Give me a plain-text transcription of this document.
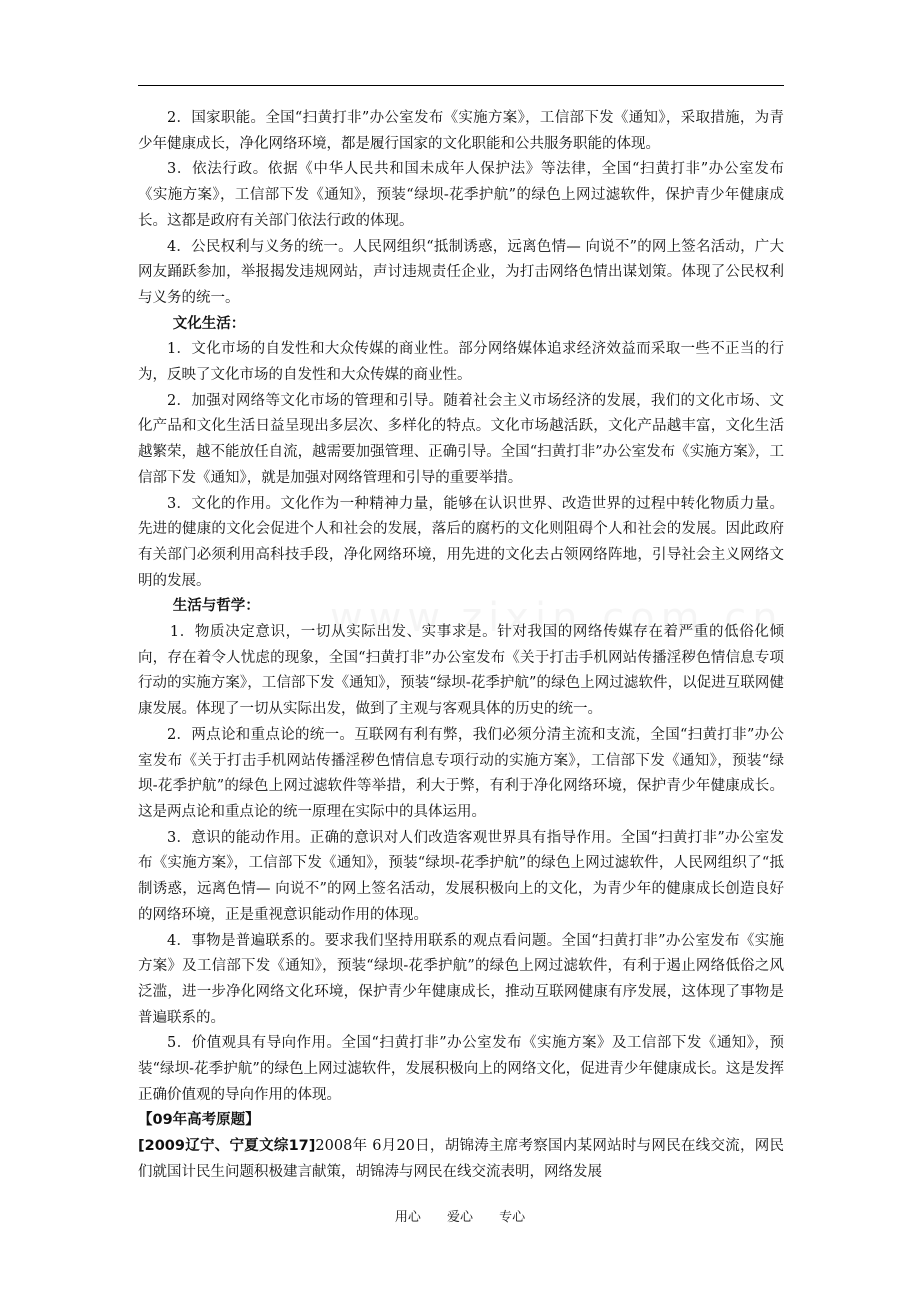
2．国家职能。全国“扫黄打非”办公室发布《实施方案》，工信部下发《通知》，采取措施，为青少年健康成长，净化网络环境，都是履行国家的文化职能和公共服务职能的体现。

3．依法行政。依据《中华人民共和国未成年人保护法》等法律，全国“扫黄打非”办公室发布《实施方案》，工信部下发《通知》，预装“绿坝-花季护航”的绿色上网过滤软件，保护青少年健康成长。这都是政府有关部门依法行政的体现。

4．公民权利与义务的统一。人民网组织“抵制诱惑，远离色情— 向说不”的网上签名活动，广大网友踊跃参加，举报揭发违规网站，声讨违规责任企业，为打击网络色情出谋划策。体现了公民权利与义务的统一。

文化生活：

1．文化市场的自发性和大众传媒的商业性。部分网络媒体追求经济效益而采取一些不正当的行为，反映了文化市场的自发性和大众传媒的商业性。

2．加强对网络等文化市场的管理和引导。随着社会主义市场经济的发展，我们的文化市场、文化产品和文化生活日益呈现出多层次、多样化的特点。文化市场越活跃，文化产品越丰富，文化生活越繁荣，越不能放任自流，越需要加强管理、正确引导。全国“扫黄打非”办公室发布《实施方案》，工信部下发《通知》，就是加强对网络管理和引导的重要举措。

3．文化的作用。文化作为一种精神力量，能够在认识世界、改造世界的过程中转化物质力量。先进的健康的文化会促进个人和社会的发展，落后的腐朽的文化则阻碍个人和社会的发展。因此政府有关部门必须利用高科技手段，净化网络环境，用先进的文化去占领网络阵地，引导社会主义网络文明的发展。

生活与哲学：

1．物质决定意识，一切从实际出发、实事求是。针对我国的网络传媒存在着严重的低俗化倾向，存在着令人忧虑的现象，全国“扫黄打非”办公室发布《关于打击手机网站传播淫秽色情信息专项行动的实施方案》，工信部下发《通知》，预装“绿坝-花季护航”的绿色上网过滤软件，以促进互联网健康发展。体现了一切从实际出发，做到了主观与客观具体的历史的统一。

2．两点论和重点论的统一。互联网有利有弊，我们必须分清主流和支流，全国“扫黄打非”办公室发布《关于打击手机网站传播淫秽色情信息专项行动的实施方案》，工信部下发《通知》，预装“绿坝-花季护航”的绿色上网过滤软件等举措，利大于弊，有利于净化网络环境，保护青少年健康成长。这是两点论和重点论的统一原理在实际中的具体运用。

3．意识的能动作用。正确的意识对人们改造客观世界具有指导作用。全国“扫黄打非”办公室发布《实施方案》，工信部下发《通知》，预装“绿坝-花季护航”的绿色上网过滤软件，人民网组织了“抵制诱惑，远离色情— 向说不”的网上签名活动，发展积极向上的文化，为青少年的健康成长创造良好的网络环境，正是重视意识能动作用的体现。

4．事物是普遍联系的。要求我们坚持用联系的观点看问题。全国“扫黄打非”办公室发布《实施方案》及工信部下发《通知》，预装“绿坝-花季护航”的绿色上网过滤软件，有利于遏止网络低俗之风泛滥，进一步净化网络文化环境，保护青少年健康成长，推动互联网健康有序发展，这体现了事物是普遍联系的。

5．价值观具有导向作用。全国“扫黄打非”办公室发布《实施方案》及工信部下发《通知》，预装“绿坝-花季护航”的绿色上网过滤软件，发展积极向上的网络文化，促进青少年健康成长。这是发挥正确价值观的导向作用的体现。

【09年高考原题】

[2009辽宁、宁夏文综17]2008年 6月20日，胡锦涛主席考察国内某网站时与网民在线交流，网民们就国计民生问题积极建言献策，胡锦涛与网民在线交流表明，网络发展

用心 爱心 专心
